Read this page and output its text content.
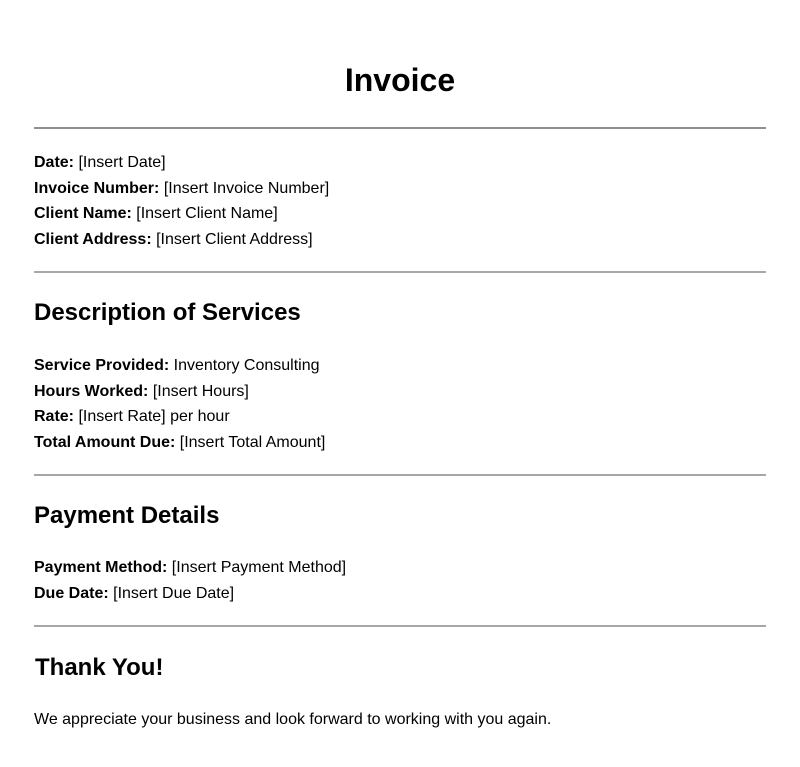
Invoice
Date: [Insert Date]
Invoice Number: [Insert Invoice Number]
Client Name: [Insert Client Name]
Client Address: [Insert Client Address]
Description of Services
Service Provided: Inventory Consulting
Hours Worked: [Insert Hours]
Rate: [Insert Rate] per hour
Total Amount Due: [Insert Total Amount]
Payment Details
Payment Method: [Insert Payment Method]
Due Date: [Insert Due Date]
Thank You!

We appreciate your business and look forward to working with you again.
